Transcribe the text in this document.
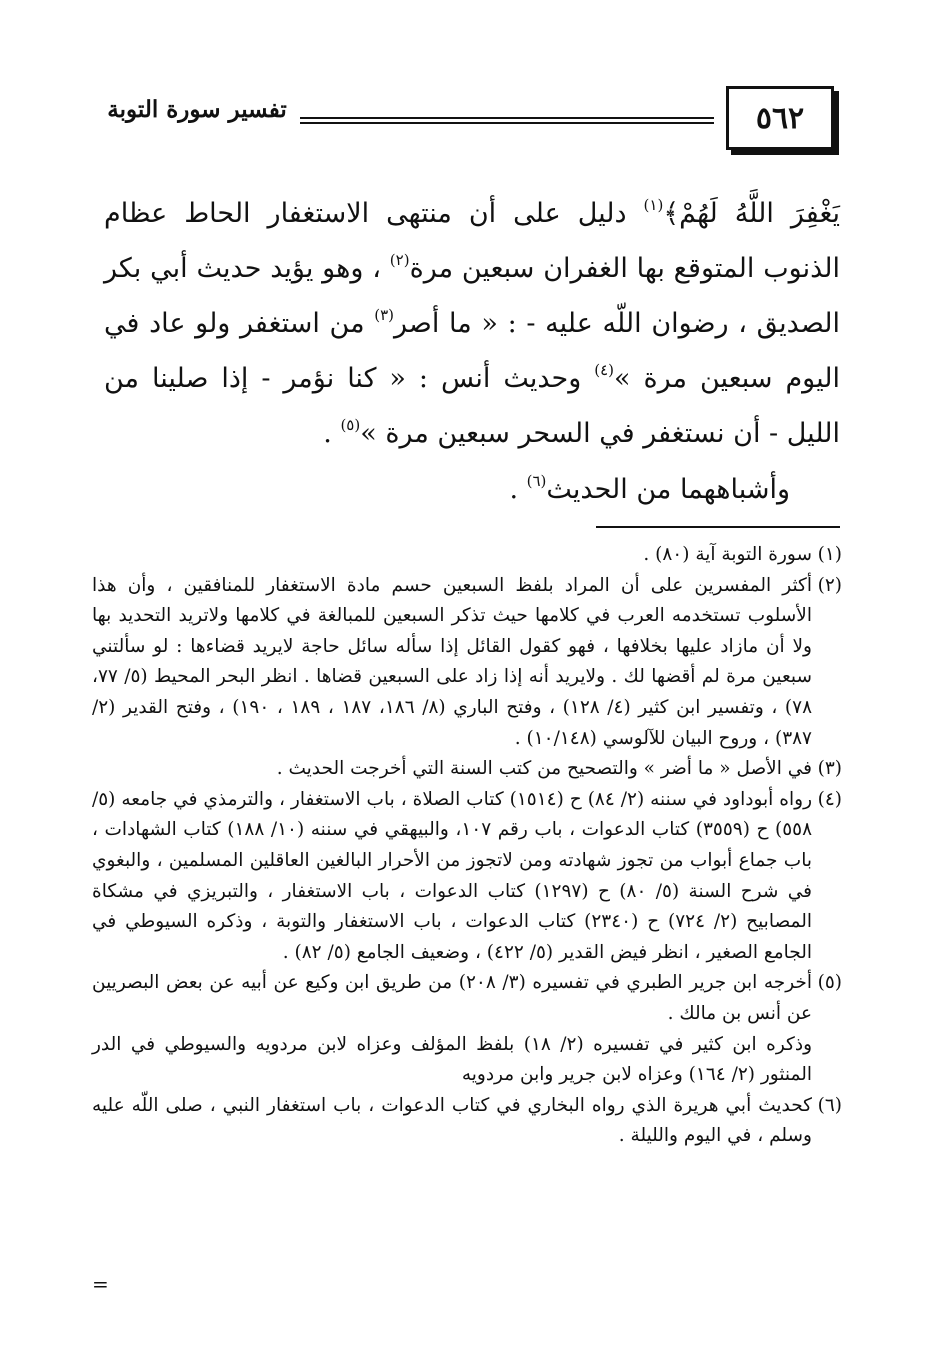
٥٦٢
تفسير سورة التوبة

يَغْفِرَ اللَّهُ لَهُمْ﴾$^{(١)}$ دليل على أن منتهى الاستغفار الحاط عظام الذنوب المتوقع بها الغفران سبعين مرة$^{(٢)}$ ، وهو يؤيد حديث أبي بكر الصديق ، رضوان اللّه عليه - : « ما أصر$^{(٣)}$ من استغفر ولو عاد في اليوم سبعين مرة »$^{(٤)}$ وحديث أنس : « كنا نؤمر - إذا صلينا من الليل - أن نستغفر في السحر سبعين مرة »$^{(٥)}$ .

وأشباههما من الحديث$^{(٦)}$ .

(١)سورة التوبة آية (٨٠) .

(٢)أكثر المفسرين على أن المراد بلفظ السبعين حسم مادة الاستغفار للمنافقين ، وأن هذا الأسلوب تستخدمه العرب في كلامها حيث تذكر السبعين للمبالغة في كلامها ولاتريد التحديد بها ولا أن مازاد عليها بخلافها ، فهو كقول القائل إذا سأله سائل حاجة لايريد قضاءها : لو سألتني سبعين مرة لم أقضها لك . ولايريد أنه إذا زاد على السبعين قضاها . انظر البحر المحيط (٥/ ٧٧، ٧٨) ، وتفسير ابن كثير (٤/ ١٢٨) ، وفتح الباري (٨/ ١٨٦، ١٨٧ ، ١٨٩ ، ١٩٠) ، وفتح القدير (٢/ ٣٨٧) ، وروح البيان للآلوسي (١٠/١٤٨) .

(٣)في الأصل « ما أضر » والتصحيح من كتب السنة التي أخرجت الحديث .

(٤)رواه أبوداود في سننه (٢/ ٨٤) ح (١٥١٤) كتاب الصلاة ، باب الاستغفار ، والترمذي في جامعه (٥/ ٥٥٨) ح (٣٥٥٩) كتاب الدعوات ، باب رقم ١٠٧، والبيهقي في سننه (١٠/ ١٨٨) كتاب الشهادات ، باب جماع أبواب من تجوز شهادته ومن لاتجوز من الأحرار البالغين العاقلين المسلمين ، والبغوي في شرح السنة (٥/ ٨٠) ح (١٢٩٧) كتاب الدعوات ، باب الاستغفار ، والتبريزي في مشكاة المصابيح (٢/ ٧٢٤) ح (٢٣٤٠) كتاب الدعوات ، باب الاستغفار والتوبة ، وذكره السيوطي في الجامع الصغير ، انظر فيض القدير (٥/ ٤٢٢) ، وضعيف الجامع (٥/ ٨٢) .

(٥)أخرجه ابن جرير الطبري في تفسيره (٣/ ٢٠٨) من طريق ابن وكيع عن أبيه عن بعض البصريين عن أنس بن مالك .

وذكره ابن كثير في تفسيره (٢/ ١٨) بلفظ المؤلف وعزاه لابن مردويه والسيوطي في الدر المنثور (٢/ ١٦٤) وعزاه لابن جرير وابن مردويه

(٦)كحديث أبي هريرة الذي رواه البخاري في كتاب الدعوات ، باب استغفار النبي ، صلى اللّه عليه وسلم ، في اليوم والليلة .

=
